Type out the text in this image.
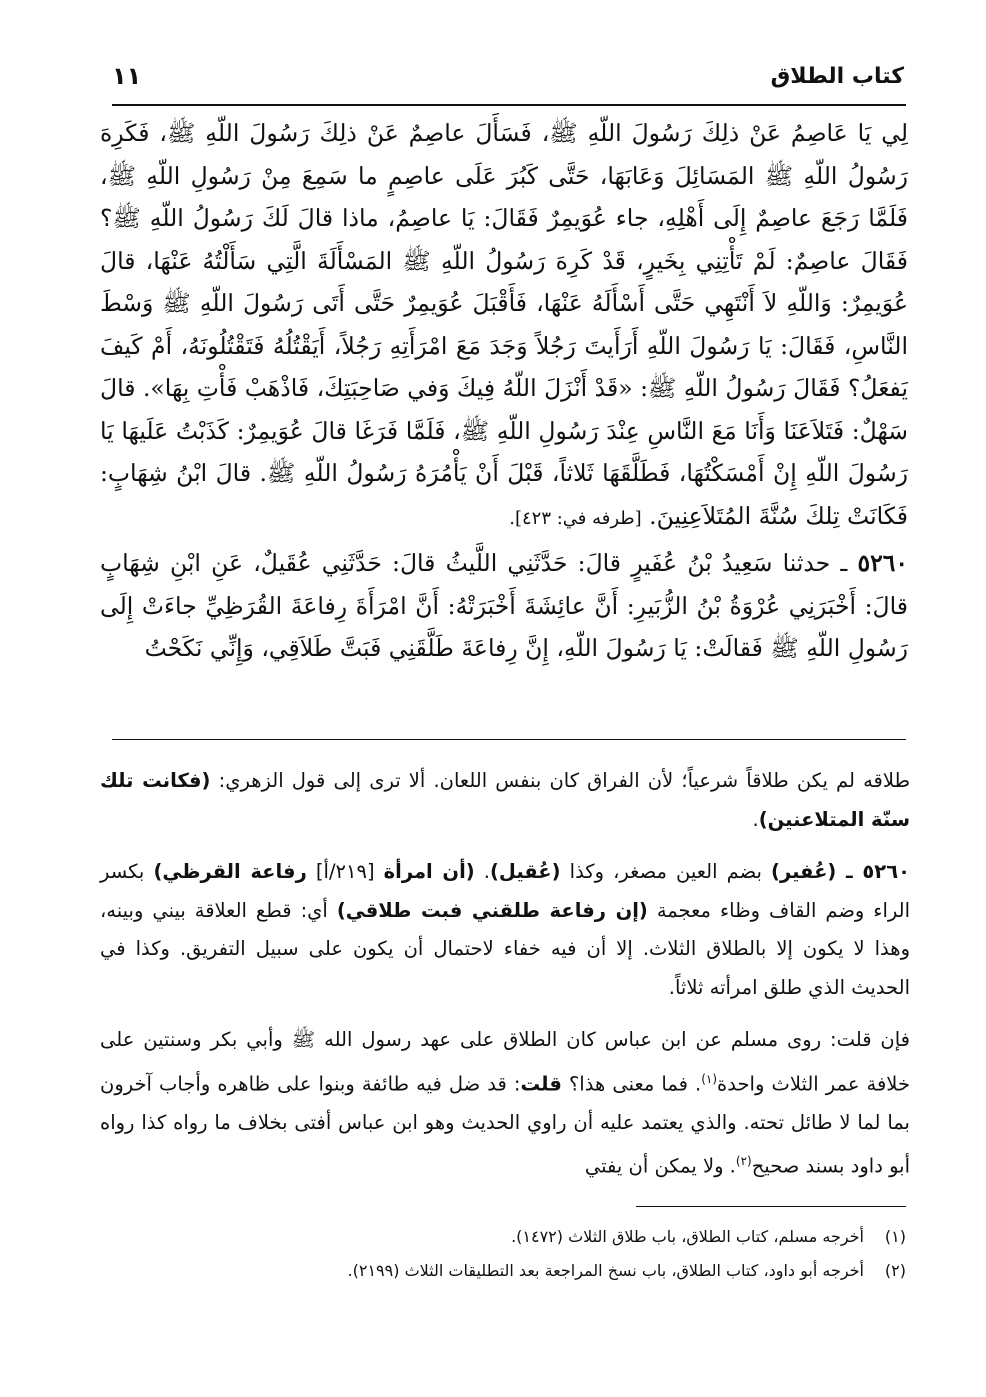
كتاب الطلاق
١١

لِي يَا عَاصِمُ عَنْ ذلِكَ رَسُولَ اللّهِ ﷺ، فَسَأَلَ عاصِمٌ عَنْ ذلِكَ رَسُولَ اللّهِ ﷺ، فَكَرِهَ رَسُولُ اللّهِ ﷺ المَسَائِلَ وَعَابَهَا، حَتَّى كَبُرَ عَلَى عاصِمٍ ما سَمِعَ مِنْ رَسُولِ اللّهِ ﷺ، فَلَمَّا رَجَعَ عاصِمٌ إِلَى أَهْلِهِ، جاء عُوَيمِرٌ فَقَالَ: يَا عاصِمُ، ماذا قالَ لَكَ رَسُولُ اللّهِ ﷺ؟ فَقَالَ عاصِمٌ: لَمْ تَأْتِنِي بِخَيرٍ، قَدْ كَرِهَ رَسُولُ اللّهِ ﷺ المَسْأَلَةَ الَّتِي سَأَلْتُهُ عَنْهَا، قالَ عُوَيمِرٌ: وَاللّهِ لاَ أَنْتَهِي حَتَّى أَسْأَلَهُ عَنْهَا، فَأَقْبَلَ عُوَيمِرٌ حَتَّى أَتَى رَسُولَ اللّهِ ﷺ وَسْطَ النَّاسِ، فَقَالَ: يَا رَسُولَ اللّهِ أَرَأَيتَ رَجُلاً وَجَدَ مَعَ امْرَأَتِهِ رَجُلاً، أَيَقْتُلُهُ فَتَقْتُلُونَهُ، أَمْ كَيفَ يَفعَلُ؟ فَقَالَ رَسُولُ اللّهِ ﷺ: «قَدْ أَنْزَلَ اللّهُ فِيكَ وَفي صَاحِبَتِكَ، فَاذْهَبْ فَأْتِ بِهَا». قالَ سَهْلٌ: فَتَلاَعَنَا وَأَنَا مَعَ النَّاسِ عِنْدَ رَسُولِ اللّهِ ﷺ، فَلَمَّا فَرَغَا قالَ عُوَيمِرٌ: كَذَبْتُ عَلَيهَا يَا رَسُولَ اللّهِ إِنْ أَمْسَكْتُهَا، فَطَلَّقَهَا ثَلاثاً، قَبْلَ أَنْ يَأْمُرَهُ رَسُولُ اللّهِ ﷺ. قالَ ابْنُ شِهَابٍ: فَكَانَتْ تِلكَ سُنَّةَ المُتَلاَعِنِينَ. [طرفه في: ٤٢٣].

٥٢٦٠ ـ حدثنا سَعِيدُ بْنُ عُفَيرٍ قالَ: حَدَّثَنِي اللَّيثُ قالَ: حَدَّثَنِي عُقَيلٌ، عَنِ ابْنِ شِهَابٍ قالَ: أَخْبَرَنِي عُرْوَةُ بْنُ الزُّبَيرِ: أَنَّ عائِشَةَ أَخْبَرَتْهُ: أَنَّ امْرَأَةَ رِفاعَةَ القُرَظِيِّ جاءَتْ إِلَى رَسُولِ اللّهِ ﷺ فَقالَتْ: يَا رَسُولَ اللّهِ، إِنَّ رِفاعَةَ طَلَّقَنِي فَبَتَّ طَلاَقِي، وَإِنِّي نَكَحْتُ

طلاقه لم يكن طلاقاً شرعياً؛ لأن الفراق كان بنفس اللعان. ألا ترى إلى قول الزهري: (فكانت تلك سنّة المتلاعنين).

٥٢٦٠ ـ (عُفير) بضم العين مصغر، وكذا (عُقيل). (أن امرأة [٢١٩/أ] رفاعة القرظي) بكسر الراء وضم القاف وظاء معجمة (إن رفاعة طلقني فبت طلاقي) أي: قطع العلاقة بيني وبينه، وهذا لا يكون إلا بالطلاق الثلاث. إلا أن فيه خفاء لاحتمال أن يكون على سبيل التفريق. وكذا في الحديث الذي طلق امرأته ثلاثاً.

فإن قلت: روى مسلم عن ابن عباس كان الطلاق على عهد رسول الله ﷺ وأبي بكر وسنتين على خلافة عمر الثلاث واحدة$^{(١)}$. فما معنى هذا؟ قلت: قد ضل فيه طائفة وبنوا على ظاهره وأجاب آخرون بما لما لا طائل تحته. والذي يعتمد عليه أن راوي الحديث وهو ابن عباس أفتى بخلاف ما رواه كذا رواه أبو داود بسند صحيح$^{(٢)}$. ولا يمكن أن يفتي

(١)
أخرجه مسلم، كتاب الطلاق، باب طلاق الثلاث (١٤٧٢).
(٢)
أخرجه أبو داود، كتاب الطلاق، باب نسخ المراجعة بعد التطليقات الثلاث (٢١٩٩).
